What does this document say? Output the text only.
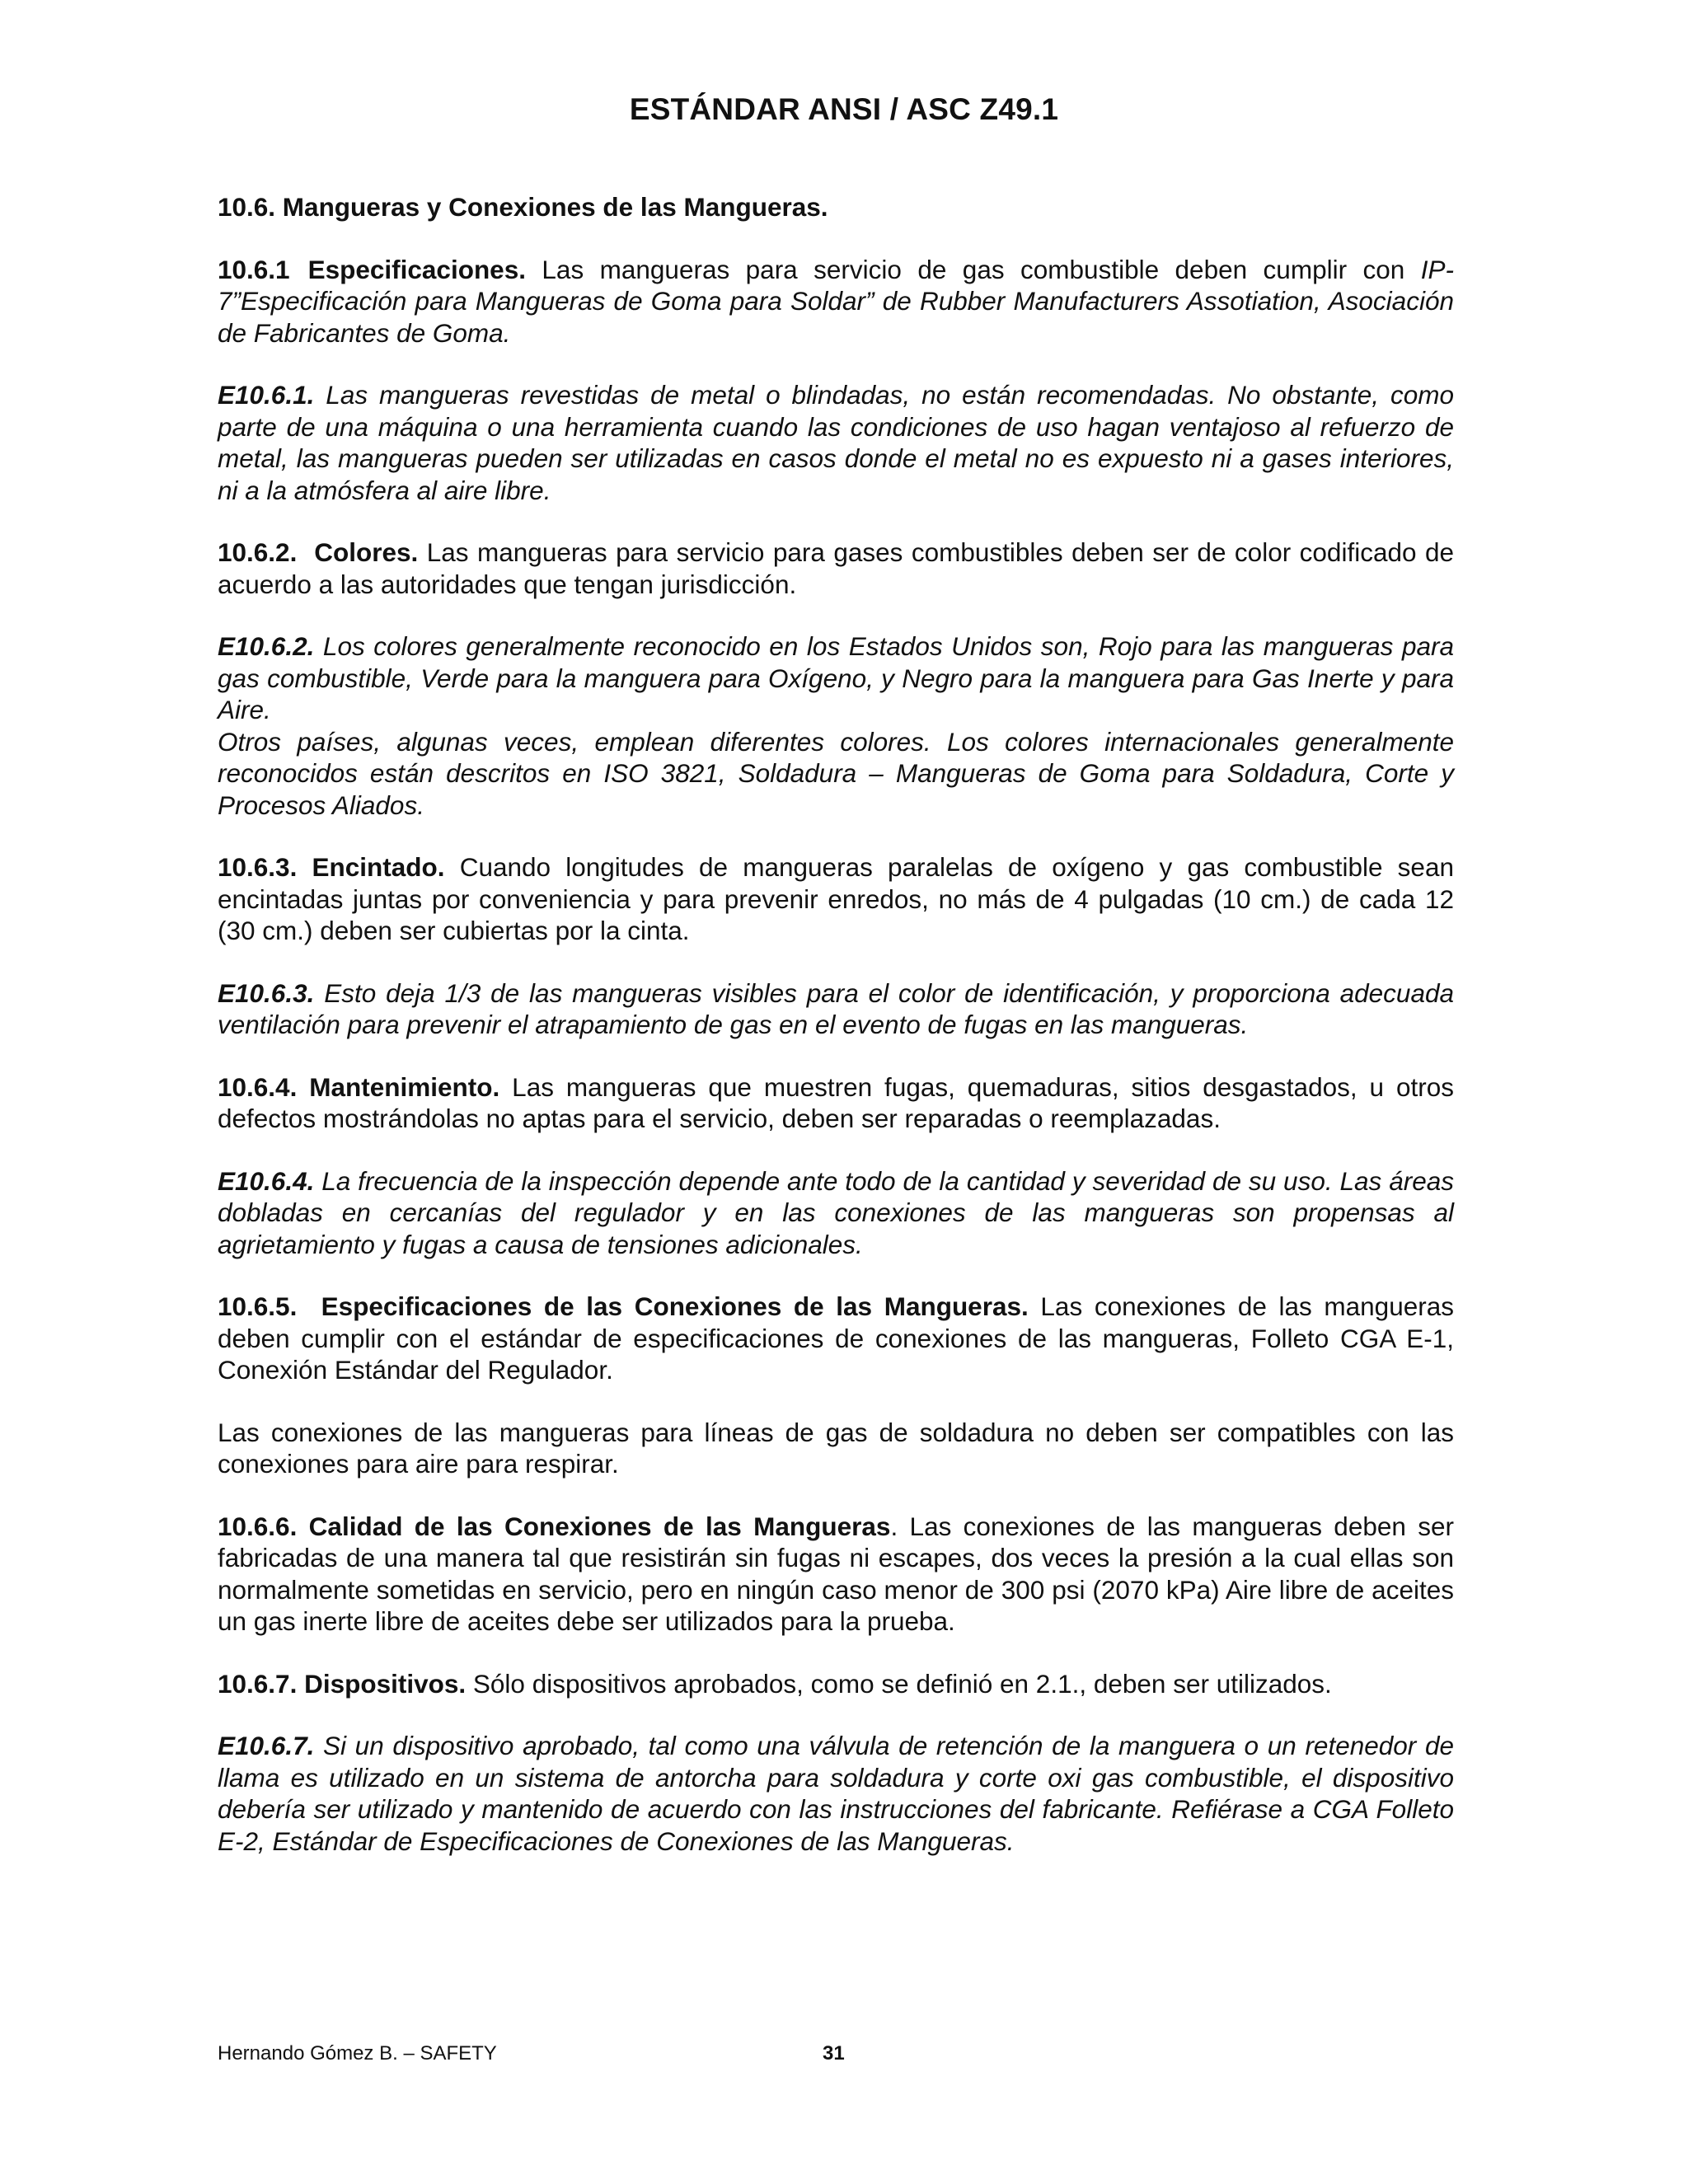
ESTÁNDAR ANSI / ASC Z49.1

10.6. Mangueras y Conexiones de las Mangueras.

10.6.1 Especificaciones. Las mangueras para servicio de gas combustible deben cumplir con IP-7”Especificación para Mangueras de Goma para Soldar” de Rubber Manufacturers Assotiation, Asociación de Fabricantes de Goma.

E10.6.1. Las mangueras revestidas de metal o blindadas, no están recomendadas. No obstante, como parte de una máquina o una herramienta cuando las condiciones de uso hagan ventajoso al refuerzo de metal, las mangueras pueden ser utilizadas en casos donde el metal no es expuesto ni a gases interiores, ni a la atmósfera al aire libre.

10.6.2.  Colores. Las mangueras para servicio para gases combustibles deben ser de color codificado de acuerdo a las autoridades que tengan jurisdicción.

E10.6.2. Los colores generalmente reconocido en los Estados Unidos son, Rojo para las mangueras para gas combustible, Verde para la manguera para Oxígeno, y Negro para la manguera para Gas Inerte y para Aire.

Otros países, algunas veces, emplean diferentes colores. Los colores internacionales generalmente reconocidos están descritos en ISO 3821, Soldadura – Mangueras de Goma para Soldadura, Corte y Procesos Aliados.

10.6.3. Encintado. Cuando longitudes de mangueras paralelas de oxígeno y gas combustible sean encintadas juntas por conveniencia y para prevenir enredos, no más de 4 pulgadas (10 cm.) de cada 12 (30 cm.) deben ser cubiertas por la cinta.

E10.6.3. Esto deja 1/3 de las mangueras visibles para el color de identificación, y proporciona adecuada ventilación para prevenir el atrapamiento de gas en el evento de fugas en las mangueras.

10.6.4. Mantenimiento. Las mangueras que muestren fugas, quemaduras, sitios desgastados, u otros defectos mostrándolas no aptas para el servicio, deben ser reparadas o reemplazadas.

E10.6.4. La frecuencia de la inspección depende ante todo de la cantidad y severidad de su uso. Las áreas dobladas en cercanías del regulador y en las conexiones de las mangueras son propensas al agrietamiento y fugas a causa de tensiones adicionales.

10.6.5.  Especificaciones de las Conexiones de las Mangueras. Las conexiones de las mangueras deben cumplir con el estándar de especificaciones de conexiones de las mangueras, Folleto CGA E-1, Conexión Estándar del Regulador.

Las conexiones de las mangueras para líneas de gas de soldadura no deben ser compatibles con las conexiones para aire para respirar.

10.6.6. Calidad de las Conexiones de las Mangueras. Las conexiones de las mangueras deben ser fabricadas de una manera tal que resistirán sin fugas ni escapes, dos veces la presión a la cual ellas son normalmente sometidas en servicio, pero en ningún caso menor de 300 psi (2070 kPa) Aire libre de aceites un gas inerte libre de aceites debe ser utilizados para la prueba.

10.6.7. Dispositivos. Sólo dispositivos aprobados, como se definió en 2.1., deben ser utilizados.

E10.6.7. Si un dispositivo aprobado, tal como una válvula de retención de la manguera o un retenedor de llama es utilizado en un sistema de antorcha para soldadura y corte oxi gas combustible, el dispositivo debería ser utilizado y mantenido de acuerdo con las instrucciones del fabricante. Refiérase a CGA Folleto E-2, Estándar de Especificaciones de Conexiones de las Mangueras.

Hernando Gómez B. – SAFETY	31
